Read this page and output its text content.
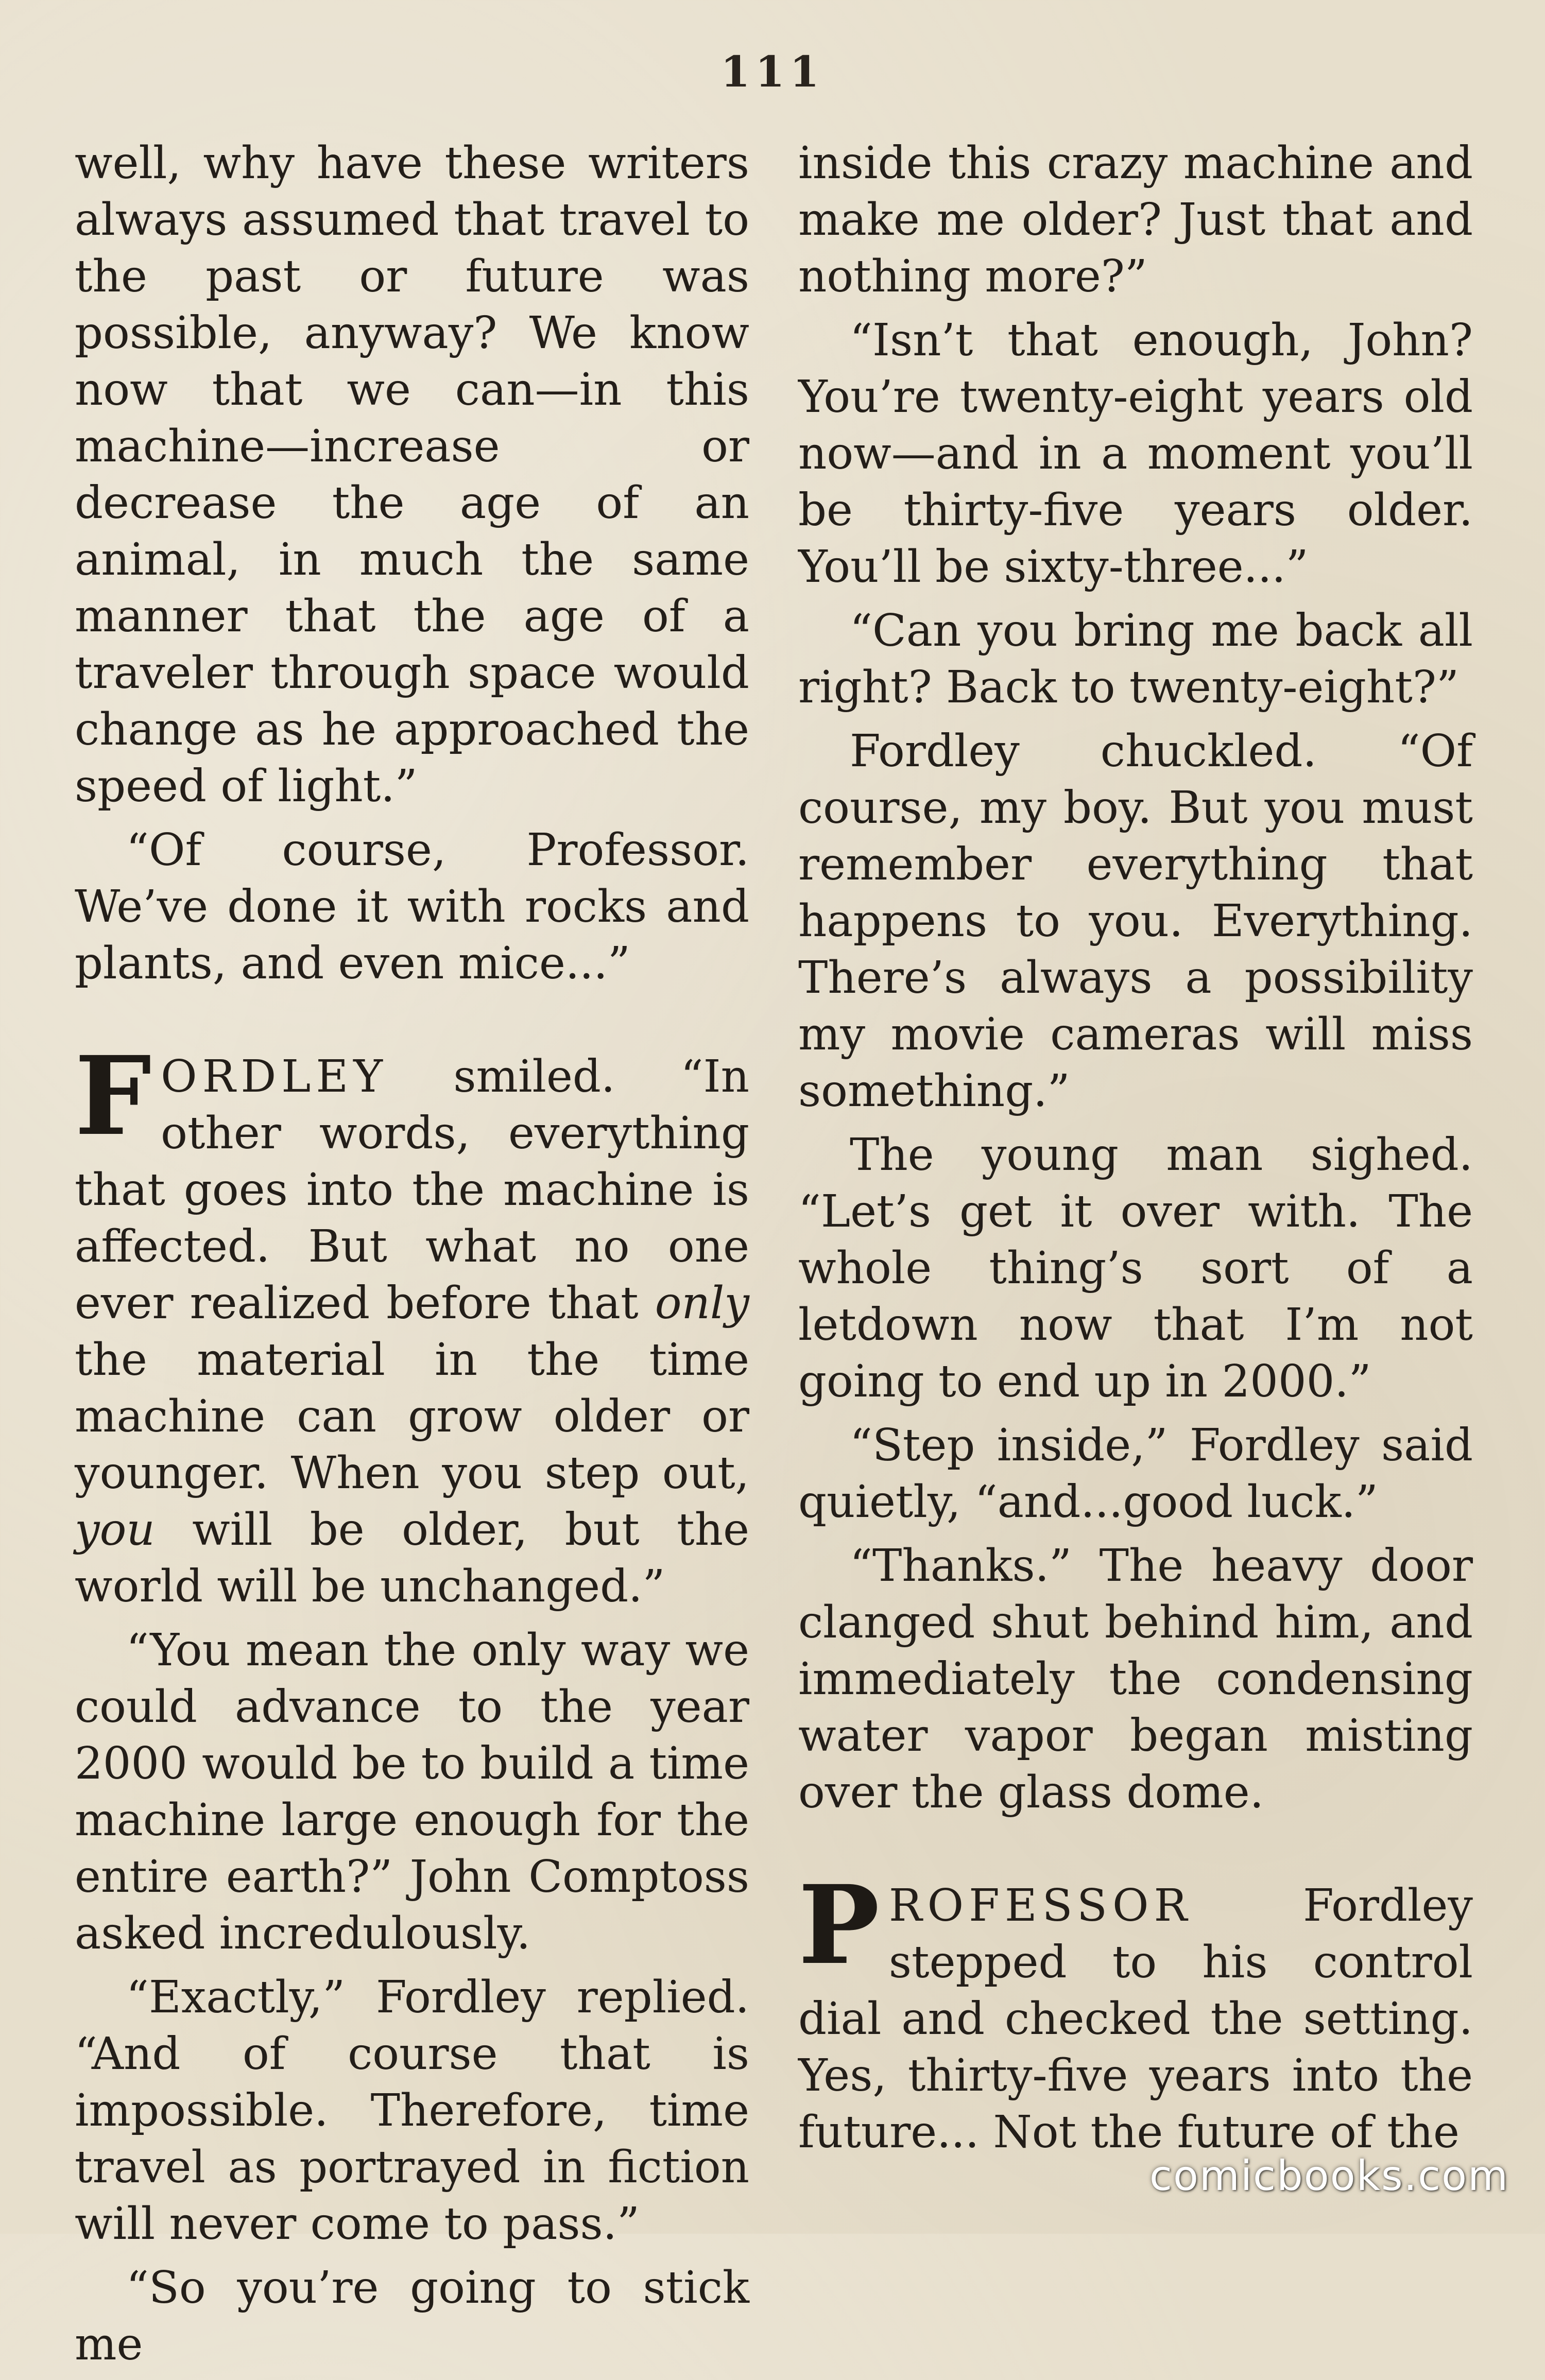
111

well, why have these writers always assumed that travel to the past or future was possible, anyway? We know now that we can—in this machine—increase or decrease the age of an animal, in much the same manner that the age of a traveler through space would change as he approached the speed of light.”

“Of course, Professor. We’ve done it with rocks and plants, and even mice...”

FORDLEY smiled. “In other words, everything that goes into the machine is affected. But what no one ever realized before that only the material in the time machine can grow older or younger. When you step out, you will be older, but the world will be unchanged.”

“You mean the only way we could advance to the year 2000 would be to build a time machine large enough for the entire earth?” John Comptoss asked incredulously.

“Exactly,” Fordley replied. “And of course that is impossible. Therefore, time travel as portrayed in fiction will never come to pass.”

“So you’re going to stick me

inside this crazy machine and make me older? Just that and nothing more?”

“Isn’t that enough, John? You’re twenty-eight years old now—and in a moment you’ll be thirty-five years older. You’ll be sixty-three...”

“Can you bring me back all right? Back to twenty-eight?”

Fordley chuckled. “Of course, my boy. But you must remember everything that happens to you. Everything. There’s always a possibility my movie cameras will miss something.”

The young man sighed. “Let’s get it over with. The whole thing’s sort of a letdown now that I’m not going to end up in 2000.”

“Step inside,” Fordley said quietly, “and...good luck.”

“Thanks.” The heavy door clanged shut behind him, and immediately the condensing water vapor began misting over the glass dome.

PROFESSOR Fordley stepped to his control dial and checked the setting. Yes, thirty-five years into the future... Not the future of the

comicbooks.com
